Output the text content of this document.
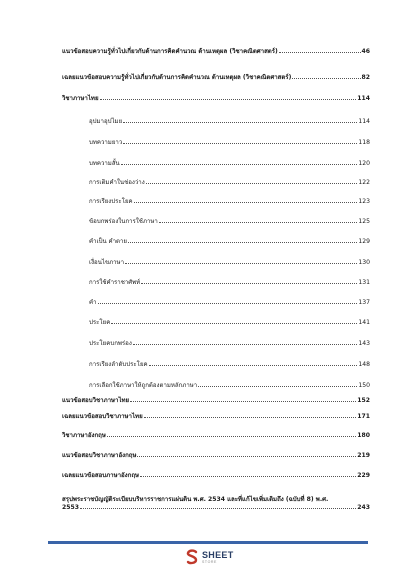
แนวข้อสอบความรู้ทั่วไปเกี่ยวกับด้านการคิดคำนวณ ด้านเหตุผล (วิชาคณิตศาสตร์)	46
เฉลยแนวข้อสอบความรู้ทั่วไปเกี่ยวกับด้านการคิดคำนวณ ด้านเหตุผล (วิชาคณิตศาสตร์)	82
วิชาภาษาไทย	114
อุปมาอุปไมย	114
บทความยาว	118
บทความสั้น	120
การเติมคำในช่องว่าง	122
การเรียงประโยค	123
ข้อบกพร่องในการใช้ภาษา	125
คำเป็น คำตาย	129
เงื่อนไขภาษา	130
การใช้คำราชาศัพท์	131
คำ	137
ประโยค	141
ประโยคบกพร่อง	143
การเรียงลำดับประโยค	148
การเลือกใช้ภาษาให้ถูกต้องตามหลักภาษา	150
แนวข้อสอบวิชาภาษาไทย	152
เฉลยแนวข้อสอบวิชาภาษาไทย	171
วิชาภาษาอังกฤษ	180
แนวข้อสอบวิชาภาษาอังกฤษ	219
เฉลยแนวข้อสอบภาษาอังกฤษ	229
สรุปพระราชบัญญัติระเบียบบริหารราชการแผ่นดิน พ.ศ. 2534 และที่แก้ไขเพิ่มเติมถึง (ฉบับที่ 8) พ.ศ.
2553	243
SHEET
STORE
